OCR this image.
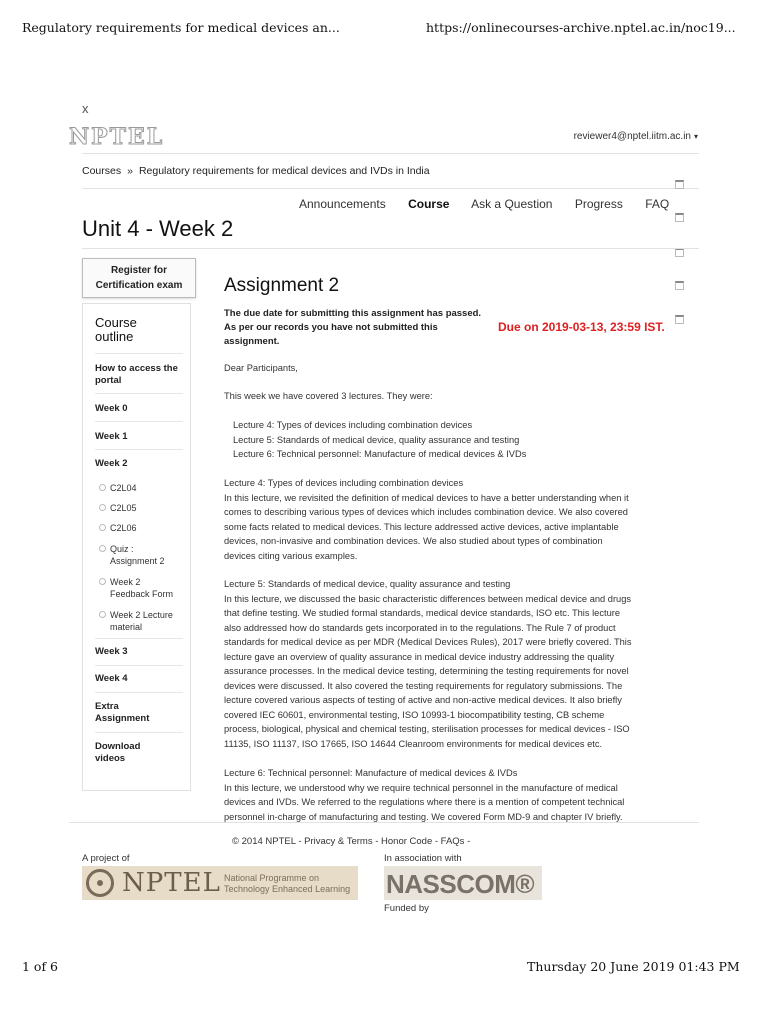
Regulatory requirements for medical devices an...	https://onlinecourses-archive.nptel.ac.in/noc19...
x
NPTEL	reviewer4@nptel.iitm.ac.in ▾
Courses » Regulatory requirements for medical devices and IVDs in India
Announcements Course Ask a Question Progress FAQ
Unit 4 - Week 2
Register for
Certification exam
Course outline
How to access the portal
Week 0
Week 1
Week 2
C2L04
C2L05
C2L06
Quiz : Assignment 2
Week 2 Feedback Form
Week 2 Lecture material
Week 3
Week 4
Extra Assignment
Download videos
Assignment 2
The due date for submitting this assignment has passed.
As per our records you have not submitted this assignment.
Due on 2019-03-13, 23:59 IST.
Dear Participants,
This week we have covered 3 lectures. They were:

Lecture 4: Types of devices including combination devices

Lecture 5: Standards of medical device, quality assurance and testing

Lecture 6: Technical personnel: Manufacture of medical devices & IVDs

Lecture 4: Types of devices including combination devices

In this lecture, we revisited the definition of medical devices to have a better understanding when it

comes to describing various types of devices which includes combination device. We also covered

some facts related to medical devices. This lecture addressed active devices, active implantable

devices, non-invasive and combination devices. We also studied about types of combination

devices citing various examples.

Lecture 5: Standards of medical device, quality assurance and testing

In this lecture, we discussed the basic characteristic differences between medical device and drugs

that define testing. We studied formal standards, medical device standards, ISO etc. This lecture

also addressed how do standards gets incorporated in to the regulations. The Rule 7 of product

standards for medical device as per MDR (Medical Devices Rules), 2017 were briefly covered. This

lecture gave an overview of quality assurance in medical device industry addressing the quality

assurance processes. In the medical device testing, determining the testing requirements for novel

devices were discussed. It also covered the testing requirements for regulatory submissions. The

lecture covered various aspects of testing of active and non-active medical devices. It also briefly

covered IEC 60601, environmental testing, ISO 10993-1 biocompatibility testing, CB scheme

process, biological, physical and chemical testing, sterilisation processes for medical devices - ISO

11135, ISO 11137, ISO 17665, ISO 14644 Cleanroom environments for medical devices etc.

Lecture 6: Technical personnel: Manufacture of medical devices & IVDs

In this lecture, we understood why we require technical personnel in the manufacture of medical

devices and IVDs. We referred to the regulations where there is a mention of competent technical

personnel in-charge of manufacturing and testing. We covered Form MD-9 and chapter IV briefly.

© 2014 NPTEL - Privacy & Terms - Honor Code - FAQs -
A project of	In association with
NPTEL National Programme on
Technology Enhanced Learning NASSCOM®
Funded by
1 of 6	Thursday 20 June 2019 01:43 PM
